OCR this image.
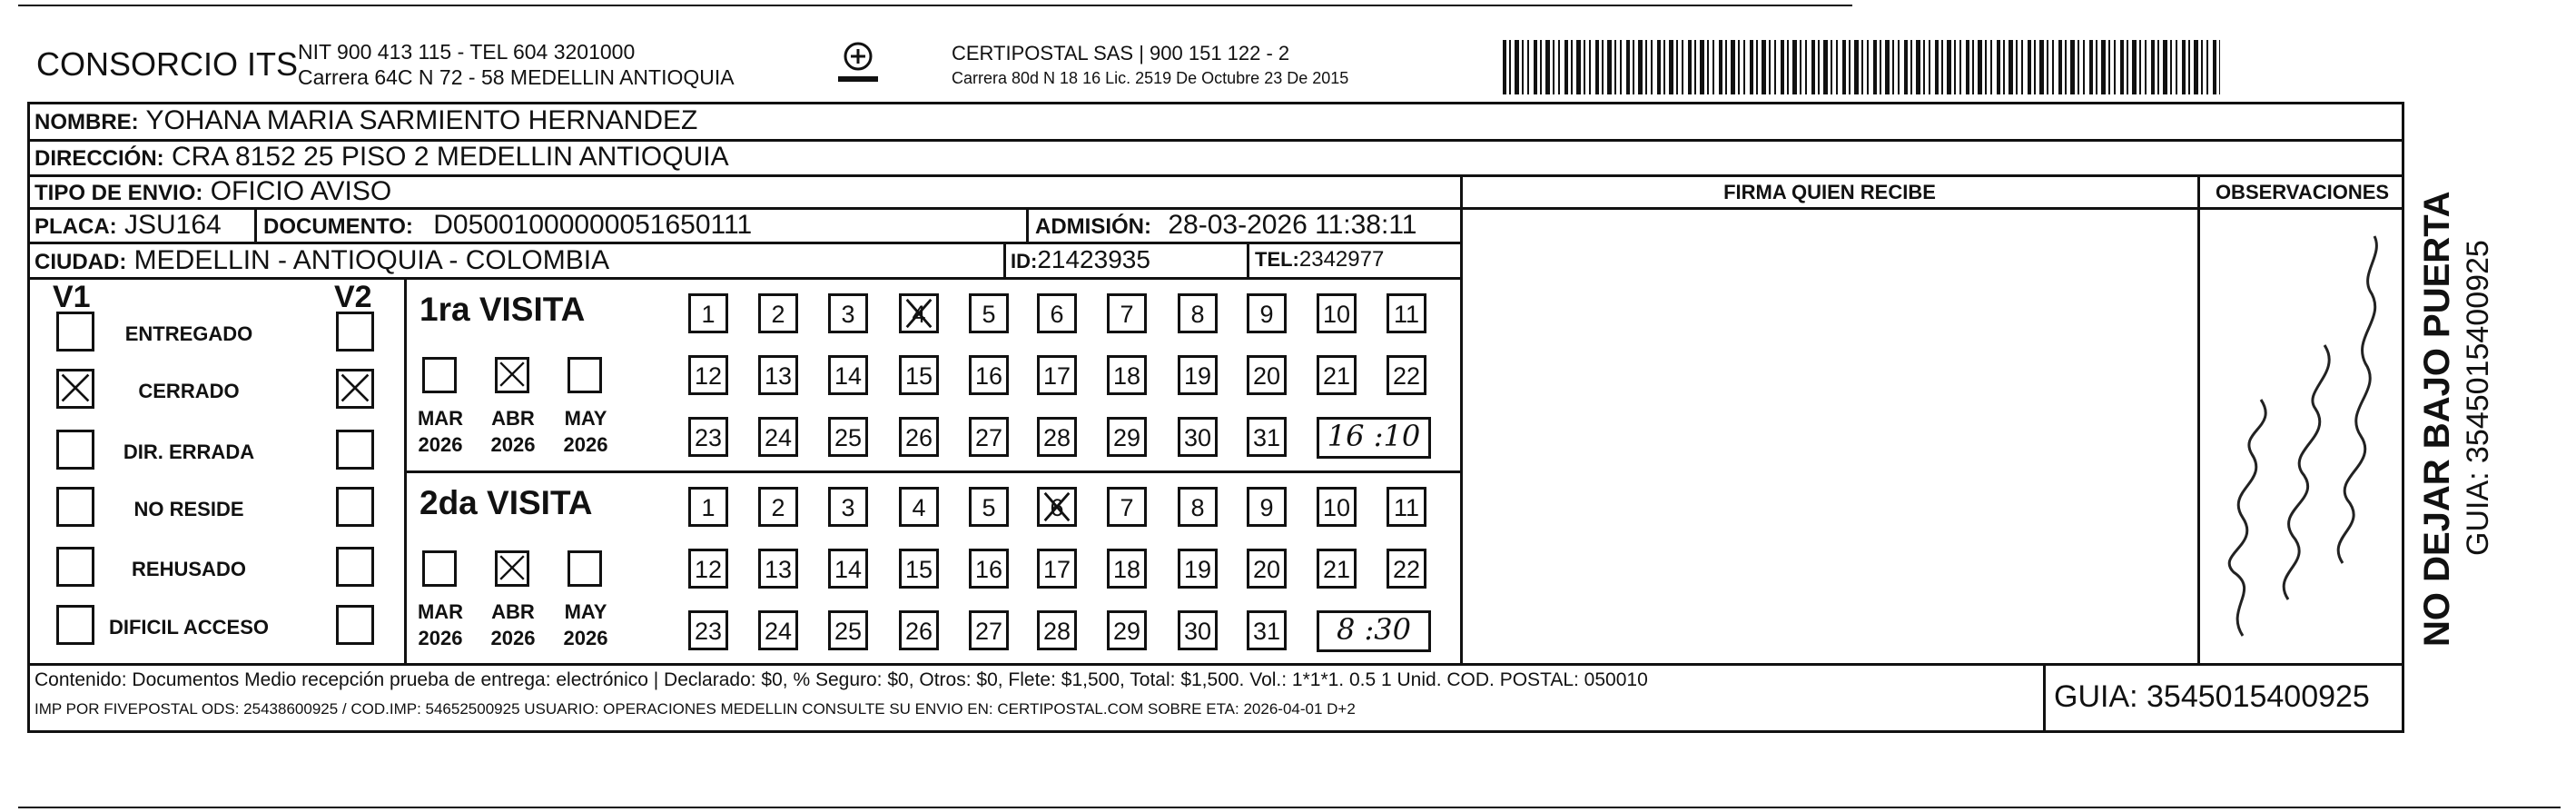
CONSORCIO ITS NIT 900 413 115 - TEL 604 3201000
Carrera 64C N 72 - 58 MEDELLIN ANTIOQUIA
CERTIPOSTAL SAS | 900 151 122 - 2
Carrera 80d N 18 16 Lic. 2519 De Octubre 23 De 2015
NOMBRE: YOHANA MARIA SARMIENTO HERNANDEZ
DIRECCIÓN: CRA 8152 25 PISO 2 MEDELLIN ANTIOQUIA
TIPO DE ENVIO: OFICIO AVISO	FIRMA QUIEN RECIBE	OBSERVACIONES
PLACA: JSU164 DOCUMENTO: D05001000000051650111	ADMISIÓN: 28-03-2026 11:38:11
CIUDAD: MEDELLIN - ANTIOQUIA - COLOMBIA	ID:21423935	TEL:2342977
V1	V2
ENTREGADO
CERRADO
DIR. ERRADA
NO RESIDE
REHUSADO
DIFICIL ACCESO
1ra VISITA
MAR
2026
ABR
2026
MAY
2026
1	2	3	4	5	6	7	8	9	10 11
12 13 14 15 16 17 18 19 20 21 22
23 24 25 26 27 28 29 30 31	16 :10
2da VISITA
MAR
2026
ABR
2026
MAY
2026
1	2	3	4	5	6	7	8	9	10 11
12 13 14 15 16 17 18 19 20 21 22
23 24 25 26 27 28 29 30 31	8 :30
Contenido: Documentos Medio recepción prueba de entrega: electrónico | Declarado: $0, % Seguro: $0, Otros: $0, Flete: $1,500, Total: $1,500. Vol.: 1*1*1. 0.5 1 Unid. COD. POSTAL: 050010
IMP POR FIVEPOSTAL ODS: 25438600925 / COD.IMP: 54652500925 USUARIO: OPERACIONES MEDELLIN CONSULTE SU ENVIO EN: CERTIPOSTAL.COM SOBRE ETA: 2026-04-01 D+2	GUIA: 3545015400925
NO DEJAR BAJO PUERTA GUIA: 3545015400925
